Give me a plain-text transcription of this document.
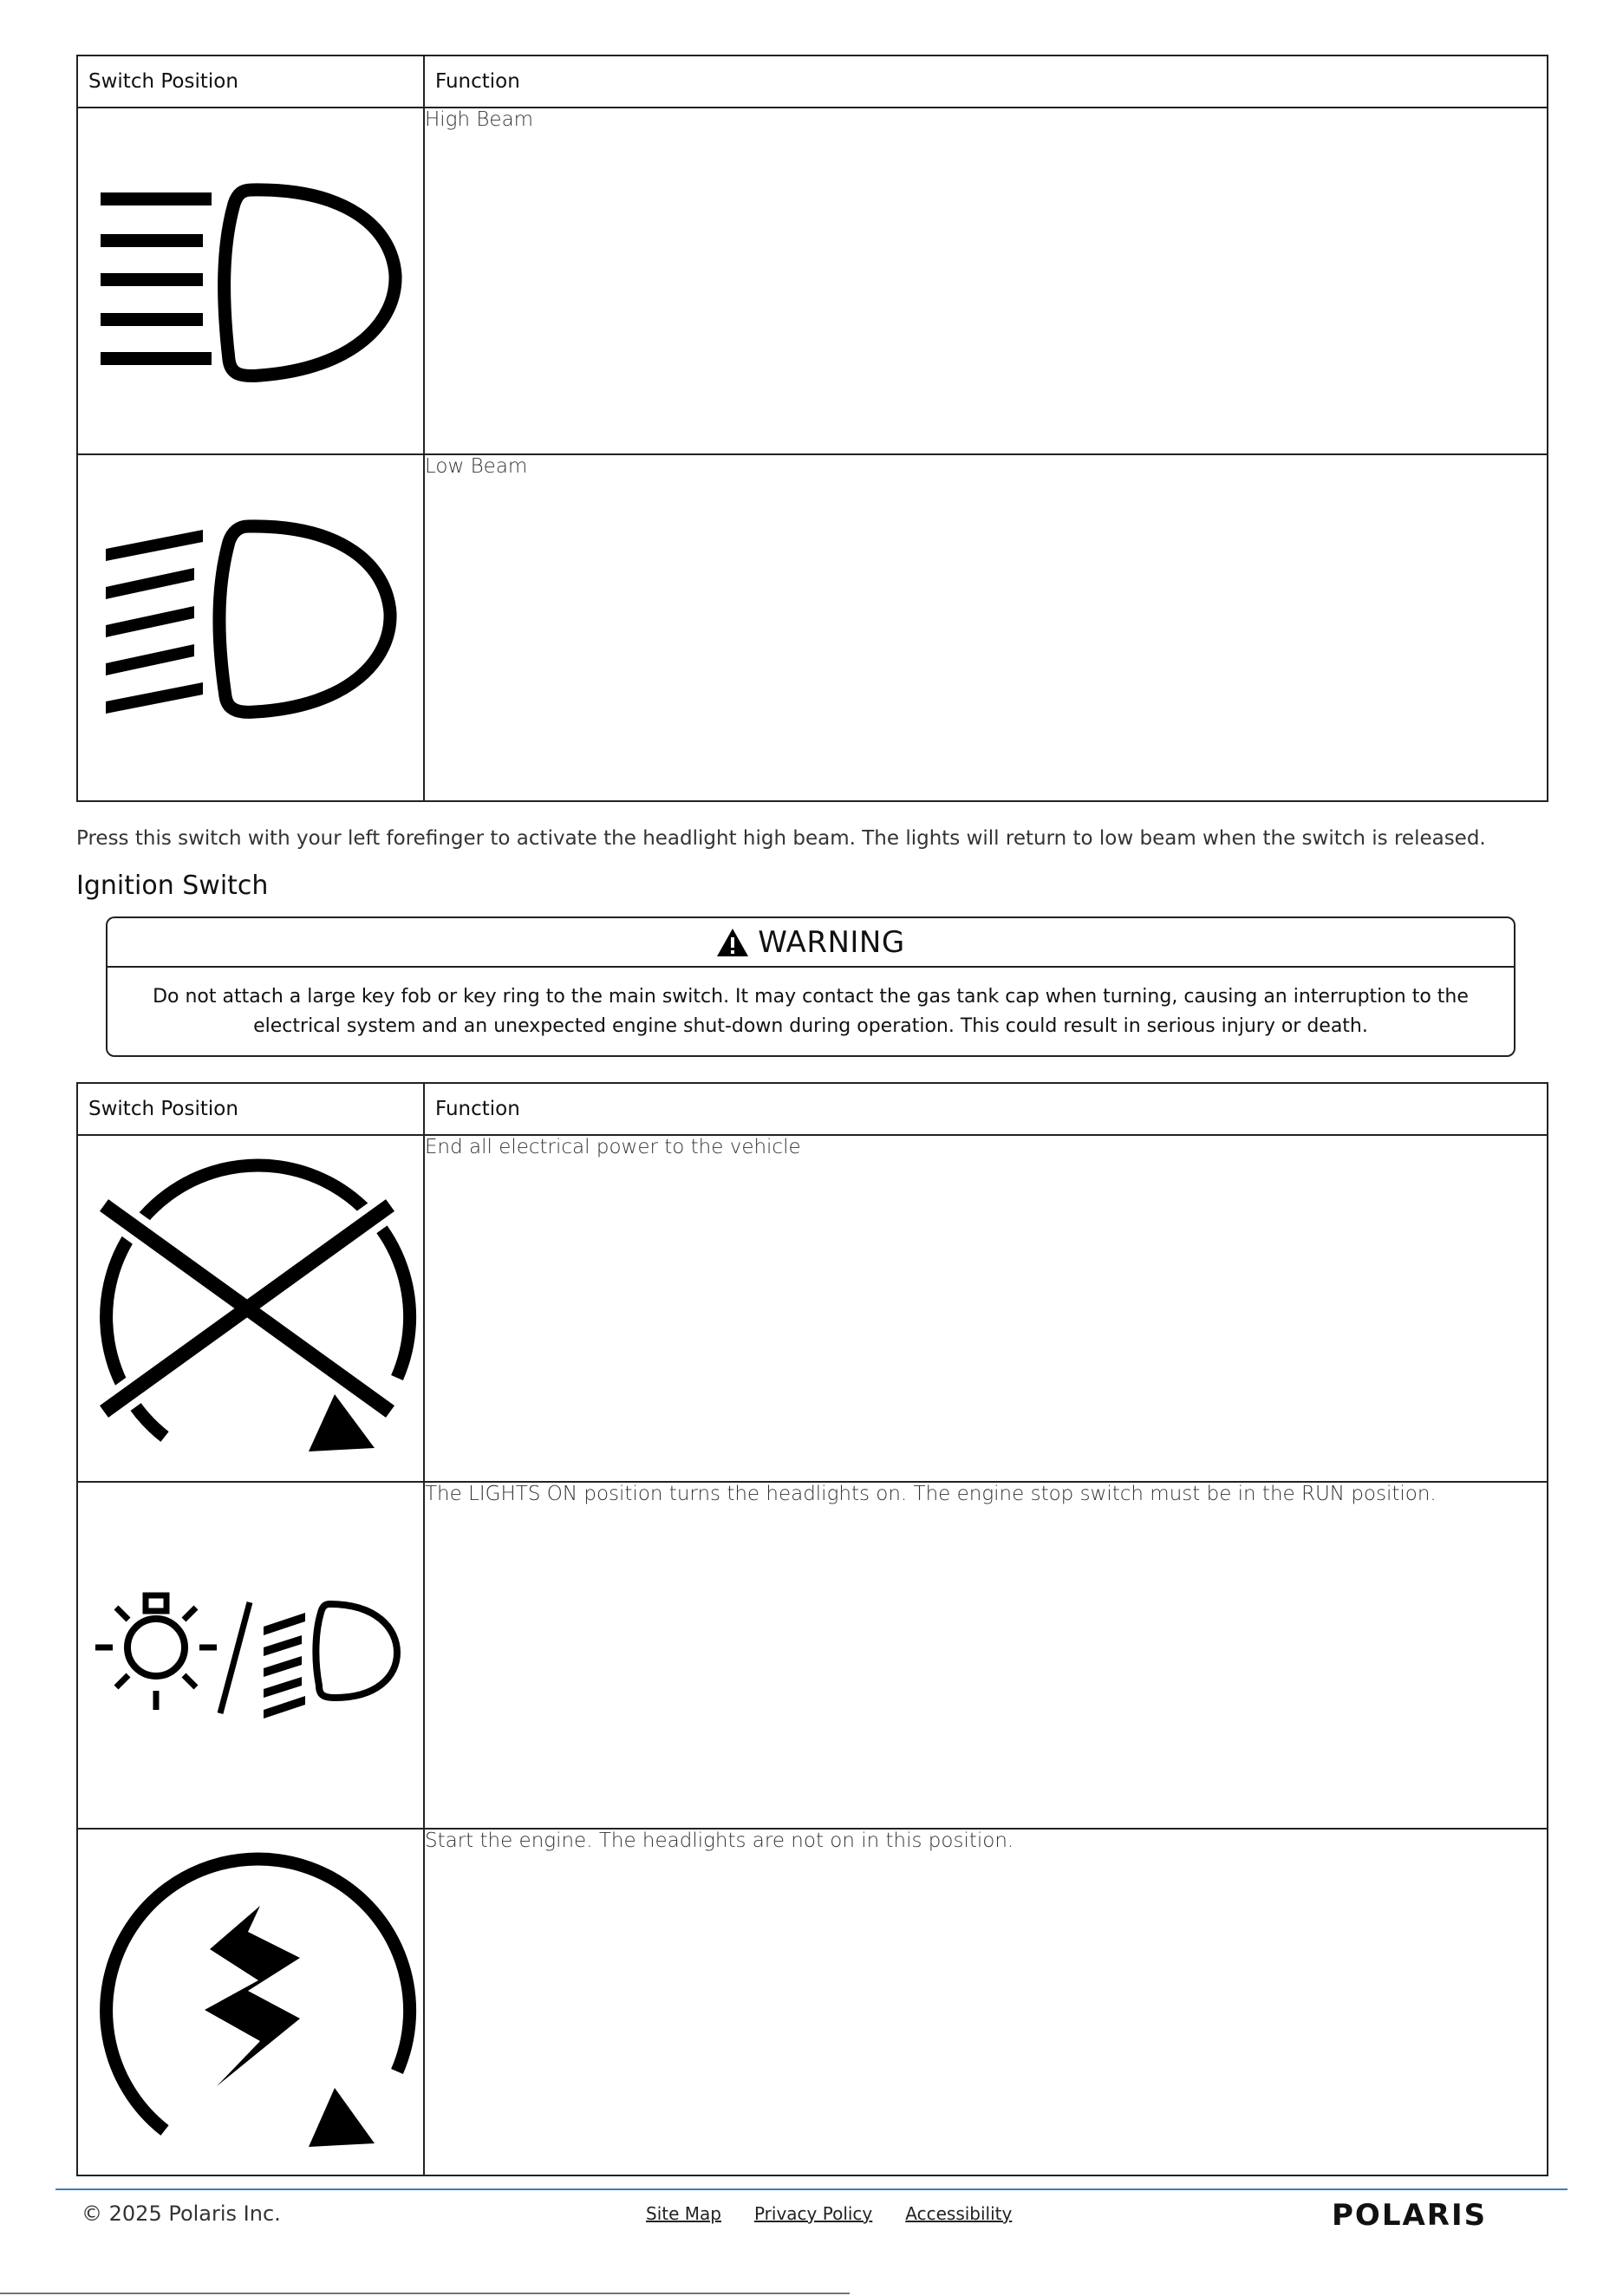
Switch Position	Function

	High Beam

	Low Beam
Press this switch with your left forefinger to activate the headlight high beam. The lights will return to low beam when the switch is released.
Ignition Switch
WARNING
Do not attach a large key fob or key ring to the main switch. It may contact the gas tank cap when turning, causing an interruption to the electrical system and an unexpected engine shut-down during operation. This could result in serious injury or death.
Switch Position	Function

	End all electrical power to the vehicle

	The LIGHTS ON position turns the headlights on. The engine stop switch must be in the RUN position.

	Start the engine. The headlights are not on in this position.
© 2025 Polaris Inc.	Site Map Privacy Policy Accessibility	POLARIS
